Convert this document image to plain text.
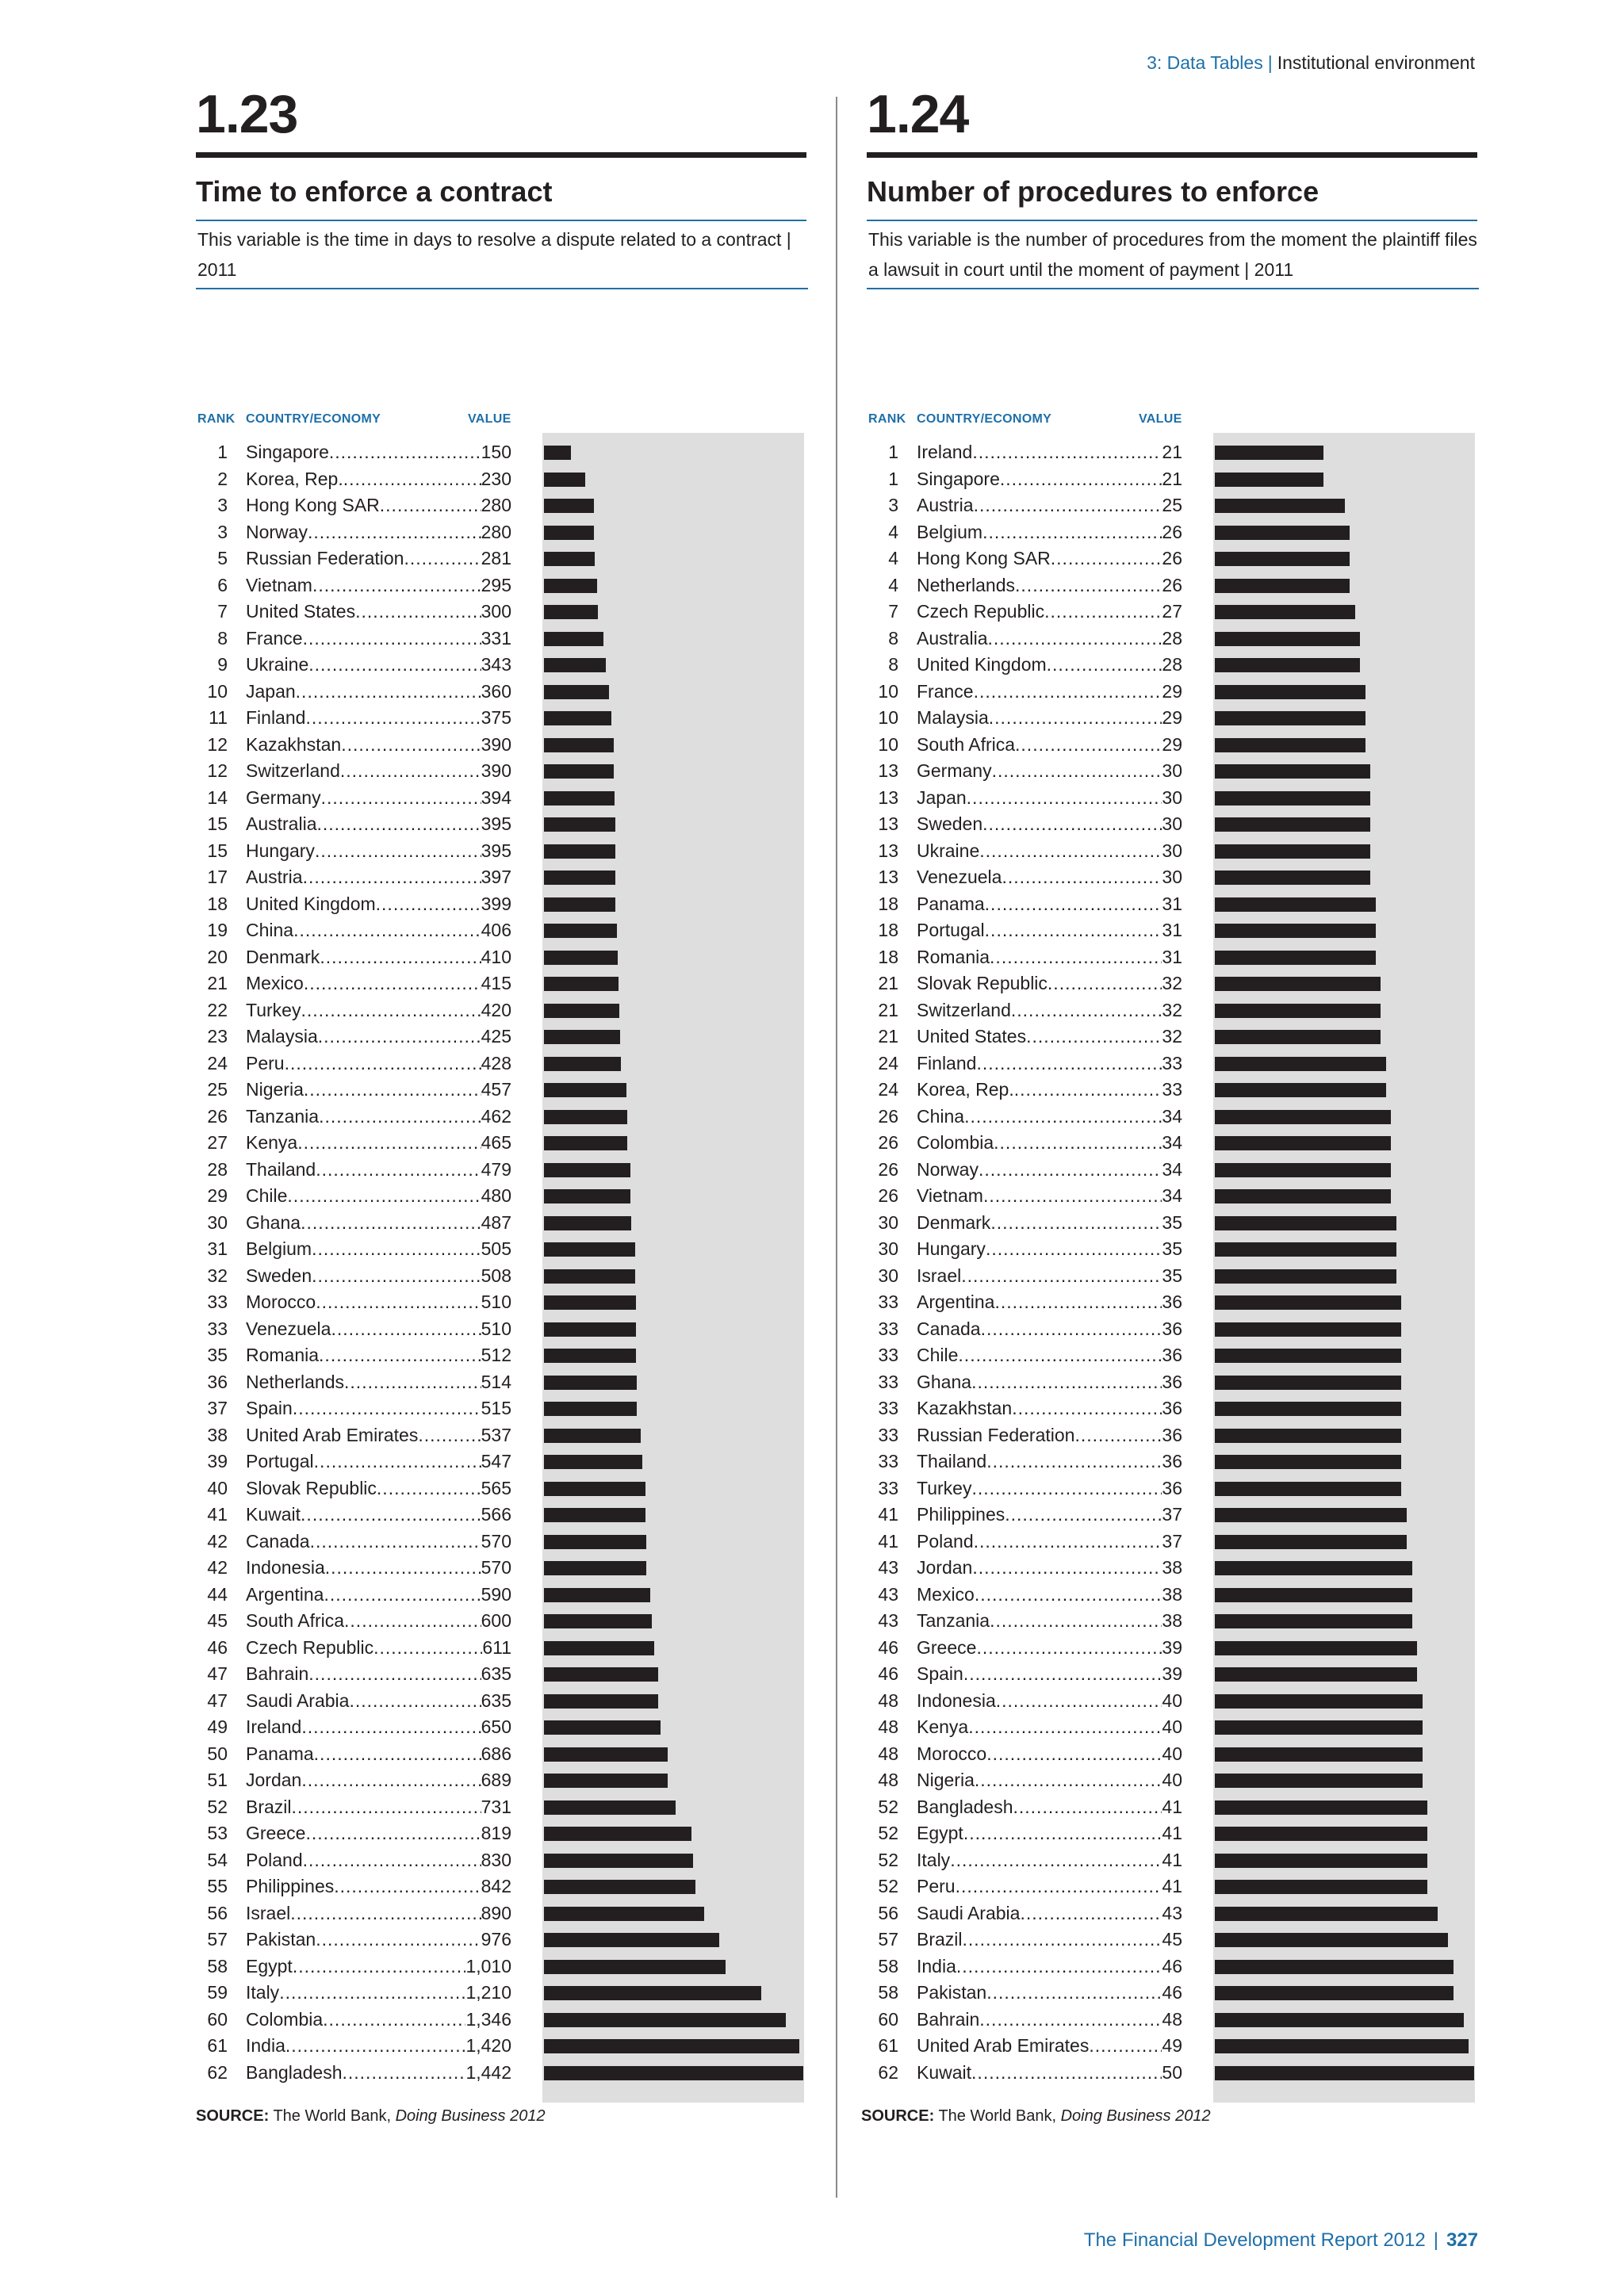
3: Data Tables | Institutional environment
1.23
Time to enforce a contract
This variable is the time in days to resolve a dispute related to a contract | 2011
RANK COUNTRY/ECONOMY	VALUE
1 Singapore .....	150
2 Korea, Rep. .....	230
3 Hong Kong SAR .....	280
3 Norway .....	280
5 Russian Federation .....	281
6 Vietnam .....	295
7 United States .....	300
8 France .....	331
9 Ukraine .....	343
10 Japan .....	360
11 Finland .....	375
12 Kazakhstan .....	390
12 Switzerland .....	390
14 Germany .....	394
15 Australia .....	395
15 Hungary .....	395
17 Austria .....	397
18 United Kingdom .....	399
19 China .....	406
20 Denmark .....	410
21 Mexico .....	415
22 Turkey .....	420
23 Malaysia .....	425
24 Peru .....	428
25 Nigeria .....	457
26 Tanzania .....	462
27 Kenya .....	465
28 Thailand .....	479
29 Chile .....	480
30 Ghana .....	487
31 Belgium .....	505
32 Sweden .....	508
33 Morocco .....	510
33 Venezuela .....	510
35 Romania .....	512
36 Netherlands .....	514
37 Spain .....	515
38 United Arab Emirates .....	537
39 Portugal .....	547
40 Slovak Republic .....	565
41 Kuwait .....	566
42 Canada .....	570
42 Indonesia .....	570
44 Argentina .....	590
45 South Africa .....	600
46 Czech Republic .....	611
47 Bahrain .....	635
47 Saudi Arabia .....	635
49 Ireland .....	650
50 Panama .....	686
51 Jordan .....	689
52 Brazil .....	731
53 Greece .....	819
54 Poland .....	830
55 Philippines .....	842
56 Israel .....	890
57 Pakistan .....	976
58 Egypt .....	1,010
59 Italy .....	1,210
60 Colombia .....	1,346
61 India .....	1,420
62 Bangladesh .....	1,442
1.24
Number of procedures to enforce
This variable is the number of procedures from the moment the plaintiff files a lawsuit in court until the moment of payment | 2011
RANK COUNTRY/ECONOMY	VALUE
1 Ireland .....	21
1 Singapore .....	21
3 Austria .....	25
4 Belgium .....	26
4 Hong Kong SAR .....	26
4 Netherlands .....	26
7 Czech Republic .....	27
8 Australia .....	28
8 United Kingdom .....	28
10 France .....	29
10 Malaysia .....	29
10 South Africa .....	29
13 Germany .....	30
13 Japan .....	30
13 Sweden .....	30
13 Ukraine .....	30
13 Venezuela .....	30
18 Panama .....	31
18 Portugal .....	31
18 Romania .....	31
21 Slovak Republic .....	32
21 Switzerland .....	32
21 United States .....	32
24 Finland .....	33
24 Korea, Rep. .....	33
26 China .....	34
26 Colombia .....	34
26 Norway .....	34
26 Vietnam .....	34
30 Denmark .....	35
30 Hungary .....	35
30 Israel .....	35
33 Argentina .....	36
33 Canada .....	36
33 Chile .....	36
33 Ghana .....	36
33 Kazakhstan .....	36
33 Russian Federation .....	36
33 Thailand .....	36
33 Turkey .....	36
41 Philippines .....	37
41 Poland .....	37
43 Jordan .....	38
43 Mexico .....	38
43 Tanzania .....	38
46 Greece .....	39
46 Spain .....	39
48 Indonesia .....	40
48 Kenya .....	40
48 Morocco .....	40
48 Nigeria .....	40
52 Bangladesh .....	41
52 Egypt .....	41
52 Italy .....	41
52 Peru .....	41
56 Saudi Arabia .....	43
57 Brazil .....	45
58 India .....	46
58 Pakistan .....	46
60 Bahrain .....	48
61 United Arab Emirates .....	49
62 Kuwait .....	50
SOURCE: The World Bank, Doing Business 2012	SOURCE: The World Bank, Doing Business 2012
The Financial Development Report 2012 | 327
